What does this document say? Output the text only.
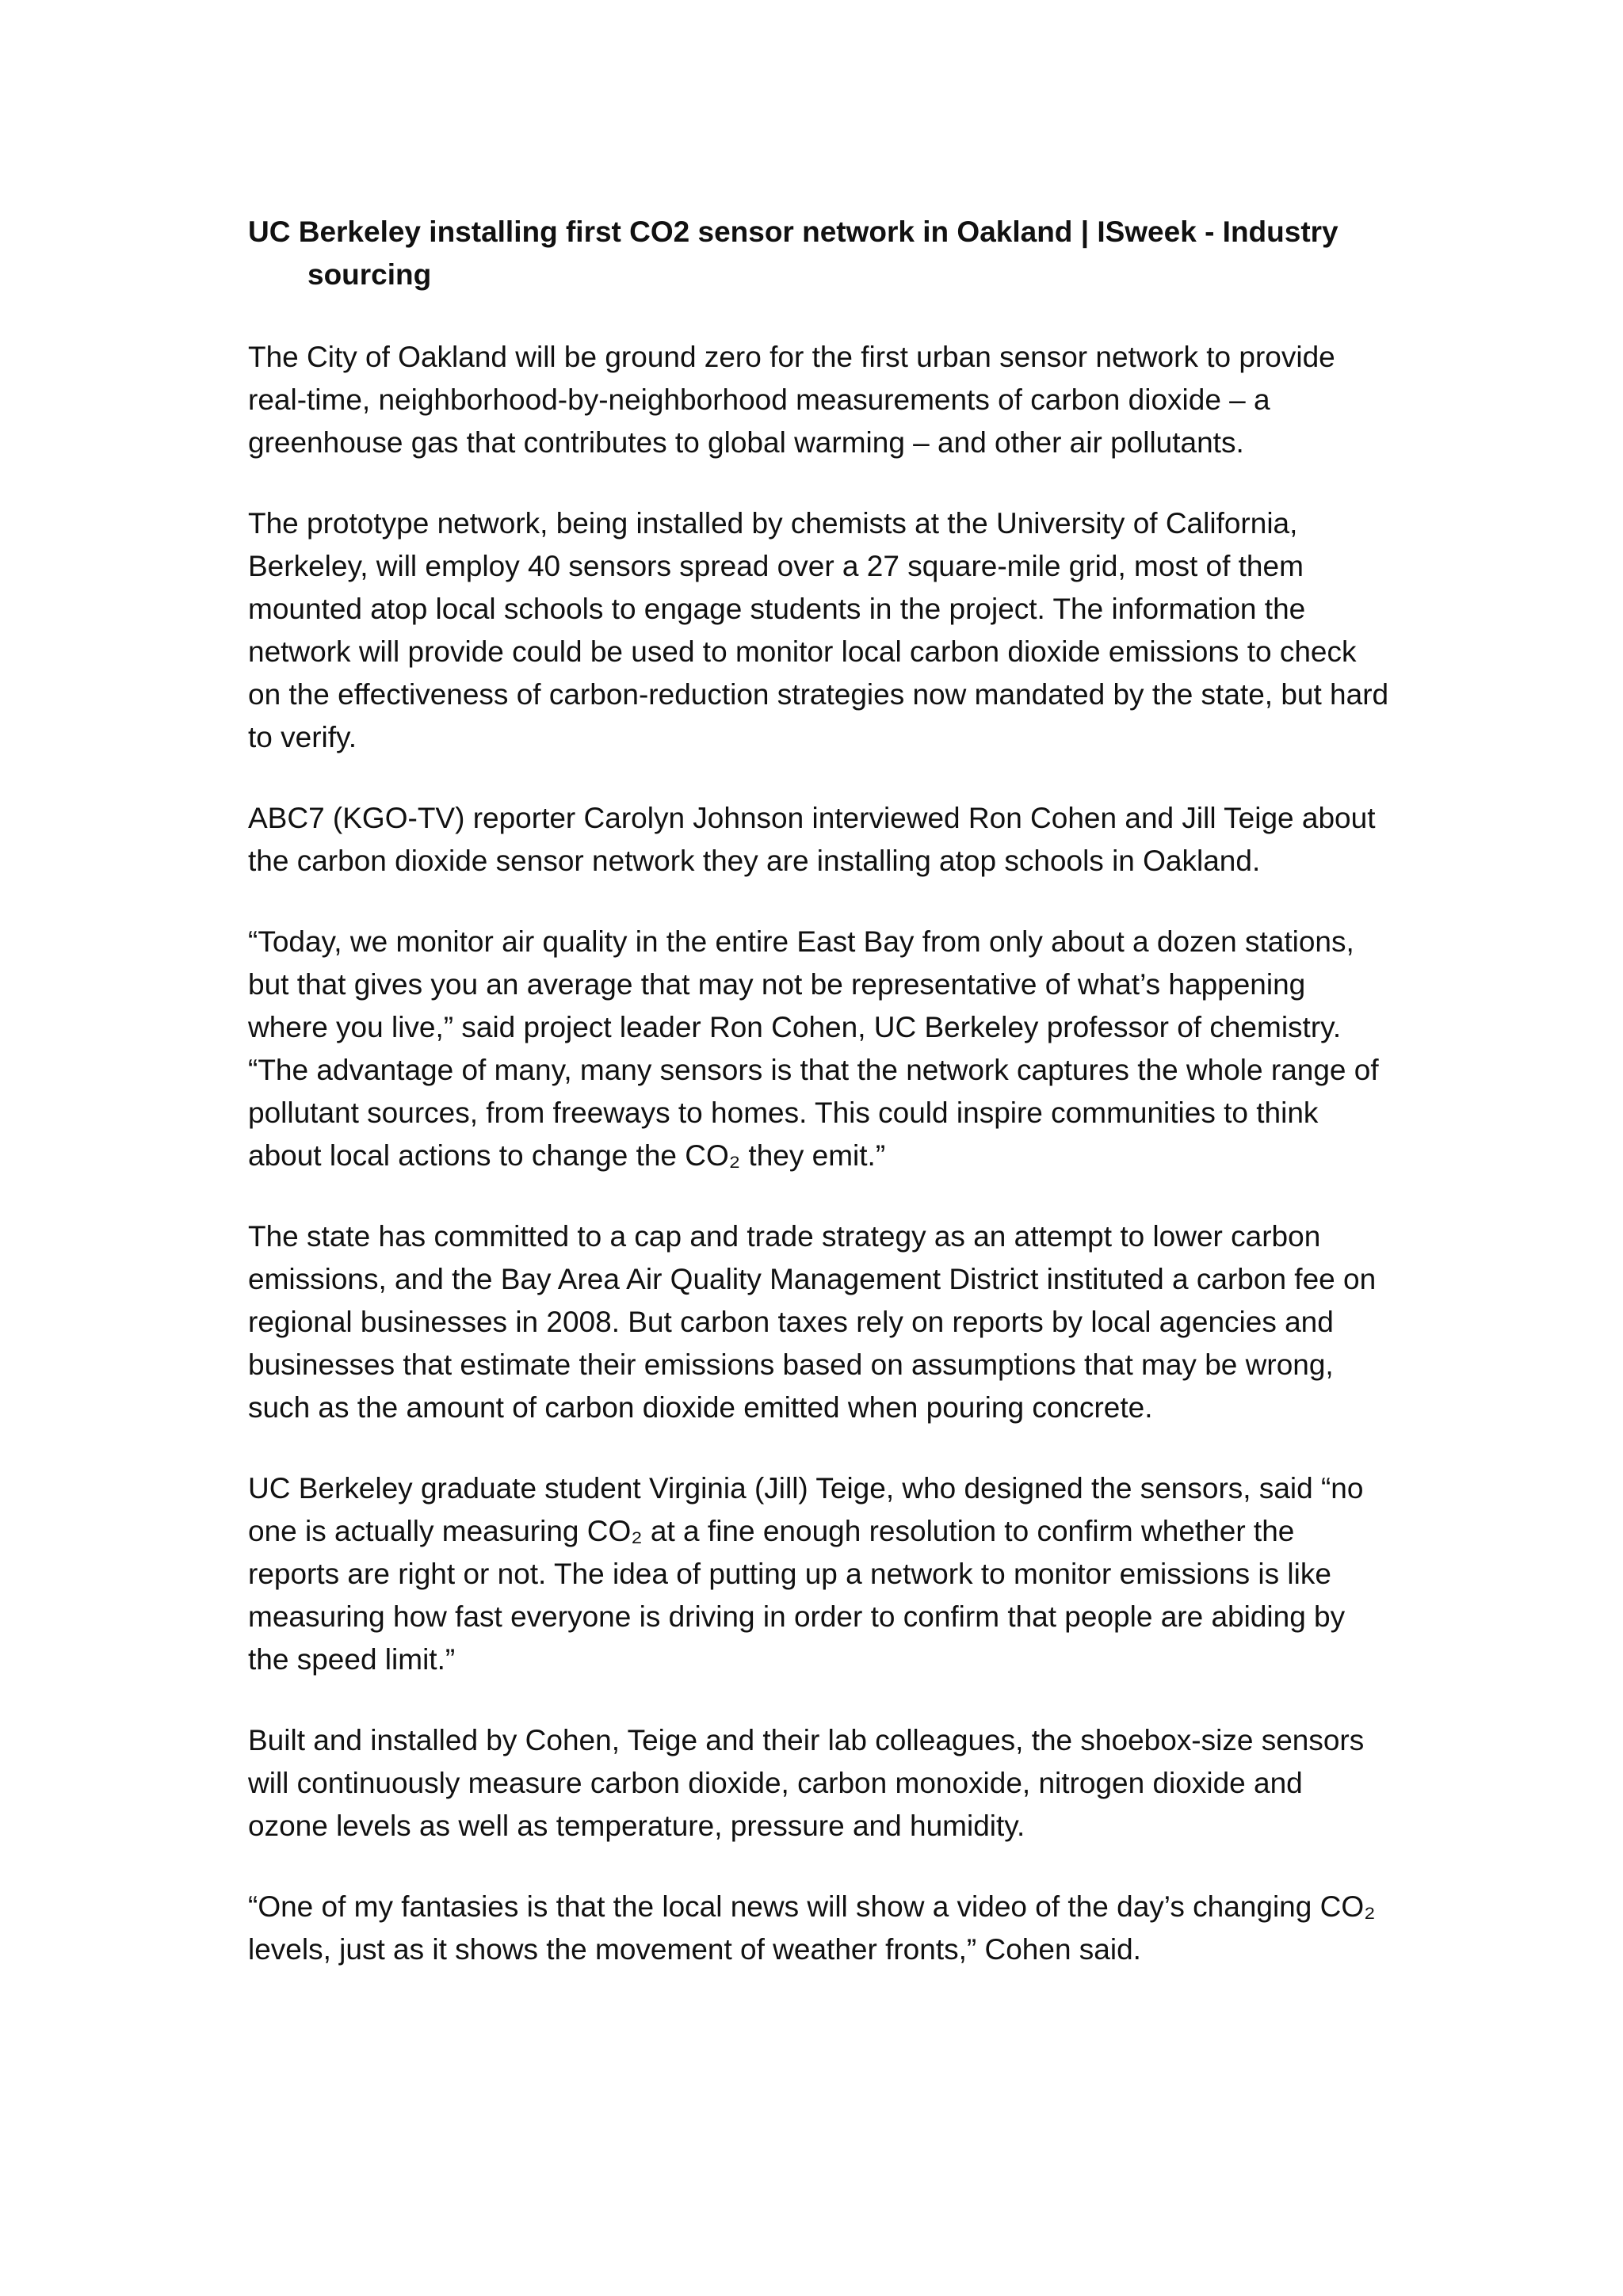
UC Berkeley installing first CO2 sensor network in Oakland | ISweek - Industry sourcing

The City of Oakland will be ground zero for the first urban sensor network to provide real-time, neighborhood-by-neighborhood measurements of carbon dioxide – a greenhouse gas that contributes to global warming – and other air pollutants.

The prototype network, being installed by chemists at the University of California, Berkeley, will employ 40 sensors spread over a 27 square-mile grid, most of them mounted atop local schools to engage students in the project. The information the network will provide could be used to monitor local carbon dioxide emissions to check on the effectiveness of carbon-reduction strategies now mandated by the state, but hard to verify.

ABC7 (KGO-TV) reporter Carolyn Johnson interviewed Ron Cohen and Jill Teige about the carbon dioxide sensor network they are installing atop schools in Oakland.

“Today, we monitor air quality in the entire East Bay from only about a dozen stations, but that gives you an average that may not be representative of what’s happening where you live,” said project leader Ron Cohen, UC Berkeley professor of chemistry. “The advantage of many, many sensors is that the network captures the whole range of pollutant sources, from freeways to homes. This could inspire communities to think about local actions to change the CO₂ they emit.”

The state has committed to a cap and trade strategy as an attempt to lower carbon emissions, and the Bay Area Air Quality Management District instituted a carbon fee on regional businesses in 2008. But carbon taxes rely on reports by local agencies and businesses that estimate their emissions based on assumptions that may be wrong, such as the amount of carbon dioxide emitted when pouring concrete.

UC Berkeley graduate student Virginia (Jill) Teige, who designed the sensors, said “no one is actually measuring CO₂ at a fine enough resolution to confirm whether the reports are right or not. The idea of putting up a network to monitor emissions is like measuring how fast everyone is driving in order to confirm that people are abiding by the speed limit.”

Built and installed by Cohen, Teige and their lab colleagues, the shoebox-size sensors will continuously measure carbon dioxide, carbon monoxide, nitrogen dioxide and ozone levels as well as temperature, pressure and humidity.

“One of my fantasies is that the local news will show a video of the day’s changing CO₂ levels, just as it shows the movement of weather fronts,” Cohen said.
